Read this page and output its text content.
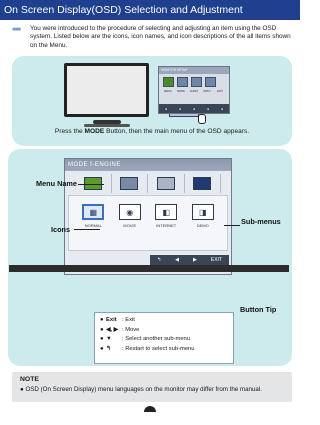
On Screen Display(OSD) Selection and Adjustment
■■■	You were introduced to the procedure of selecting and adjusting an item using the OSD system. Listed below are the icons, icon names, and icon descriptions of the all items shown on the Menu.
MONITOR SETUP
MENU	MODE	AUDIO	INPUT	EXIT
●	●	●	●	●
Press the MODE Button, then the main menu of the OSD appears.
MODE f-ENGINE
▦
NORMAL
◉
MOVIE
◧
INTERNET
◨
DEMO
↰	◀	▶	EXIT
Menu Name
Icons
Sub-menus
Button Tip
● Exit : Exit
● ◀, ▶ : Move
● ▼	: Select another sub-menu
● ↰	: Restart to select sub-menu
NOTE
● OSD (On Screen Display) menu languages on the monitor may differ from the manual.
